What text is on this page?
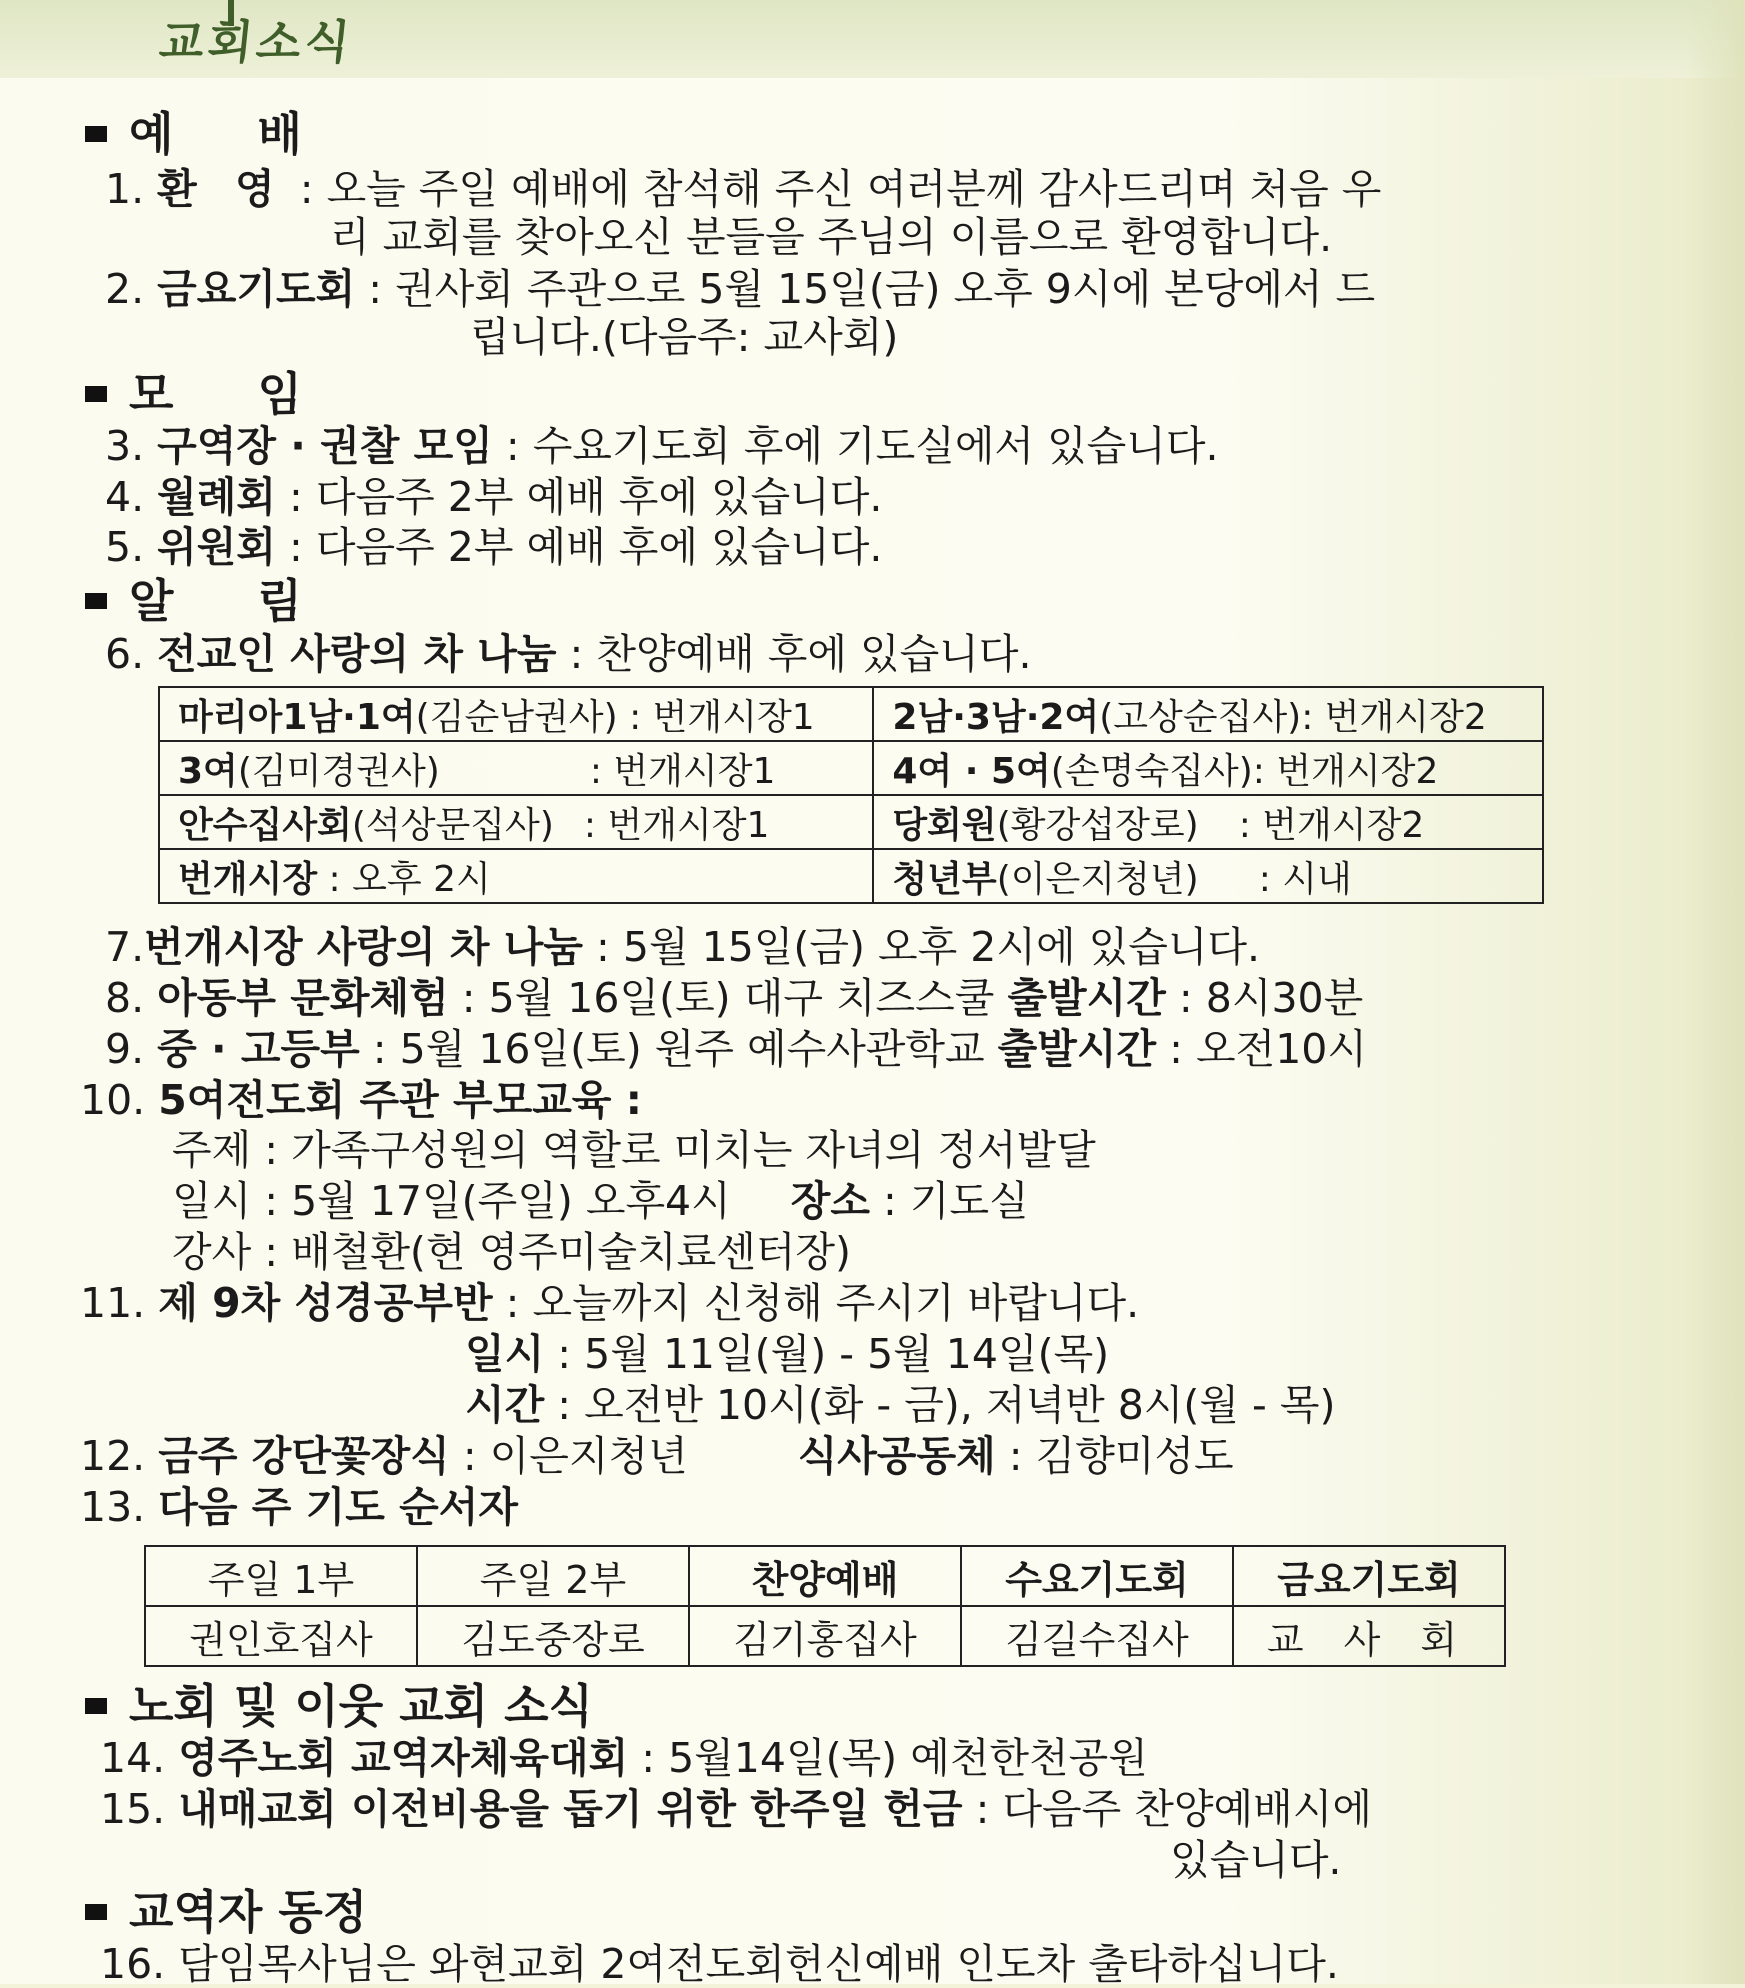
교회소식
예 배
1. 환 영 : 오늘 주일 예배에 참석해 주신 여러분께 감사드리며 처음 우
리 교회를 찾아오신 분들을 주님의 이름으로 환영합니다.
2. 금요기도회 : 권사회 주관으로 5월 15일(금) 오후 9시에 본당에서 드
립니다.(다음주: 교사회)
모 임
3. 구역장 · 권찰 모임 : 수요기도회 후에 기도실에서 있습니다.
4. 월례회 : 다음주 2부 예배 후에 있습니다.
5. 위원회 : 다음주 2부 예배 후에 있습니다.
알 림
6. 전교인 사랑의 차 나눔 : 찬양예배 후에 있습니다.
마리아1남·1여(김순남권사) : 번개시장1	2남·3남·2여(고상순집사): 번개시장2
3여(김미경권사) : 번개시장1	4여 · 5여(손명숙집사): 번개시장2
안수집사회(석상문집사) : 번개시장1	당회원(황강섭장로) : 번개시장2
번개시장 : 오후 2시	청년부(이은지청년) : 시내
7.번개시장 사랑의 차 나눔 : 5월 15일(금) 오후 2시에 있습니다.
8. 아동부 문화체험 : 5월 16일(토) 대구 치즈스쿨 출발시간 : 8시30분
9. 중 · 고등부 : 5월 16일(토) 원주 예수사관학교 출발시간 : 오전10시
10. 5여전도회 주관 부모교육 :
주제 : 가족구성원의 역할로 미치는 자녀의 정서발달
일시 : 5월 17일(주일) 오후4시 장소 : 기도실
강사 : 배철환(현 영주미술치료센터장)
11. 제 9차 성경공부반 : 오늘까지 신청해 주시기 바랍니다.
일시 : 5월 11일(월) - 5월 14일(목)
시간 : 오전반 10시(화 - 금), 저녁반 8시(월 - 목)
12. 금주 강단꽃장식 : 이은지청년	식사공동체 : 김향미성도
13. 다음 주 기도 순서자
주일 1부	주일 2부	찬양예배	수요기도회	금요기도회
권인호집사	김도중장로	김기홍집사	김길수집사	교 사 회
노회 및 이웃 교회 소식
14. 영주노회 교역자체육대회 : 5월14일(목) 예천한천공원
15. 내매교회 이전비용을 돕기 위한 한주일 헌금 : 다음주 찬양예배시에
있습니다.
교역자 동정
16. 담임목사님은 와현교회 2여전도회헌신예배 인도차 출타하십니다.
